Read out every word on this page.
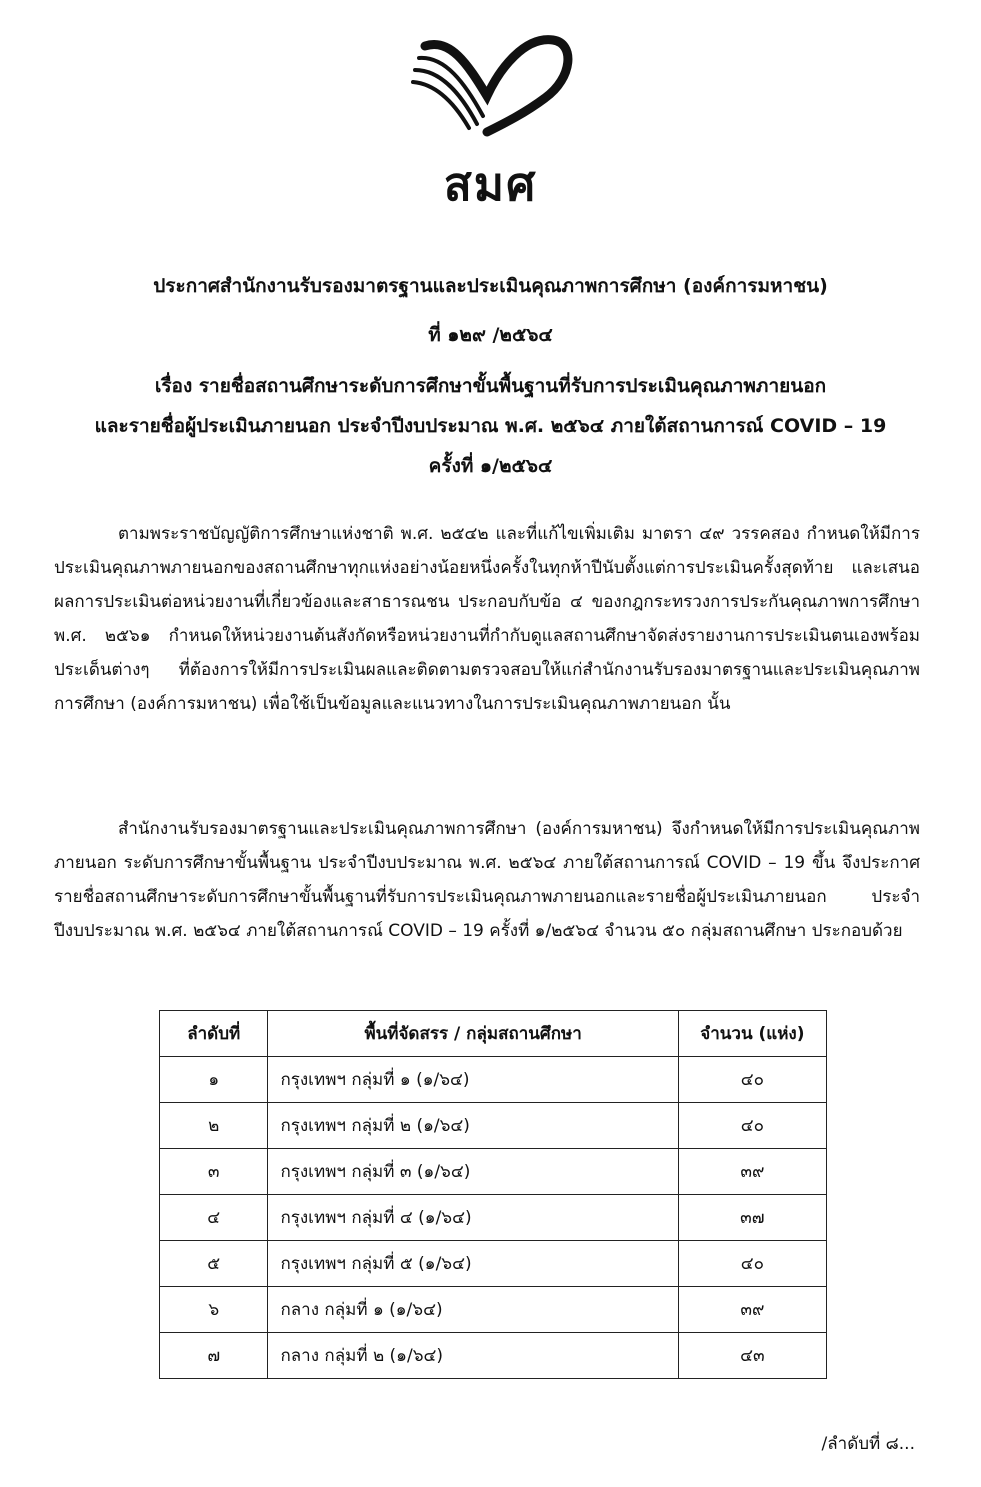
สมศ
ประกาศสำนักงานรับรองมาตรฐานและประเมินคุณภาพการศึกษา (องค์การมหาชน)
ที่ ๑๒๙ /๒๕๖๔
เรื่อง รายชื่อสถานศึกษาระดับการศึกษาขั้นพื้นฐานที่รับการประเมินคุณภาพภายนอก
และรายชื่อผู้ประเมินภายนอก ประจำปีงบประมาณ พ.ศ. ๒๕๖๔ ภายใต้สถานการณ์ COVID – 19
ครั้งที่ ๑/๒๕๖๔
ตามพระราชบัญญัติการศึกษาแห่งชาติ พ.ศ. ๒๕๔๒ และที่แก้ไขเพิ่มเติม มาตรา ๔๙ วรรคสอง กำหนดให้มีการประเมินคุณภาพภายนอกของสถานศึกษาทุกแห่งอย่างน้อยหนึ่งครั้งในทุกห้าปีนับตั้งแต่การประเมินครั้งสุดท้าย และเสนอผลการประเมินต่อหน่วยงานที่เกี่ยวข้องและสาธารณชน ประกอบกับข้อ ๔ ของกฎกระทรวงการประกันคุณภาพการศึกษา พ.ศ. ๒๕๖๑ กำหนดให้หน่วยงานต้นสังกัดหรือหน่วยงานที่กำกับดูแลสถานศึกษาจัดส่งรายงานการประเมินตนเองพร้อมประเด็นต่างๆ ที่ต้องการให้มีการประเมินผลและติดตามตรวจสอบให้แก่สำนักงานรับรองมาตรฐานและประเมินคุณภาพการศึกษา (องค์การมหาชน) เพื่อใช้เป็นข้อมูลและแนวทางในการประเมินคุณภาพภายนอก นั้น
สำนักงานรับรองมาตรฐานและประเมินคุณภาพการศึกษา (องค์การมหาชน) จึงกำหนดให้มีการประเมินคุณภาพภายนอก ระดับการศึกษาขั้นพื้นฐาน ประจำปีงบประมาณ พ.ศ. ๒๕๖๔ ภายใต้สถานการณ์ COVID – 19 ขึ้น จึงประกาศรายชื่อสถานศึกษาระดับการศึกษาขั้นพื้นฐานที่รับการประเมินคุณภาพภายนอกและรายชื่อผู้ประเมินภายนอก ประจำปีงบประมาณ พ.ศ. ๒๕๖๔ ภายใต้สถานการณ์ COVID – 19 ครั้งที่ ๑/๒๕๖๔ จำนวน ๕๐ กลุ่มสถานศึกษา ประกอบด้วย
ลำดับที่	พื้นที่จัดสรร / กลุ่มสถานศึกษา	จำนวน (แห่ง)
๑	กรุงเทพฯ กลุ่มที่ ๑ (๑/๖๔)	๔๐
๒	กรุงเทพฯ กลุ่มที่ ๒ (๑/๖๔)	๔๐
๓	กรุงเทพฯ กลุ่มที่ ๓ (๑/๖๔)	๓๙
๔	กรุงเทพฯ กลุ่มที่ ๔ (๑/๖๔)	๓๗
๕	กรุงเทพฯ กลุ่มที่ ๕ (๑/๖๔)	๔๐
๖	กลาง กลุ่มที่ ๑ (๑/๖๔)	๓๙
๗	กลาง กลุ่มที่ ๒ (๑/๖๔)	๔๓
/ลำดับที่ ๘...
